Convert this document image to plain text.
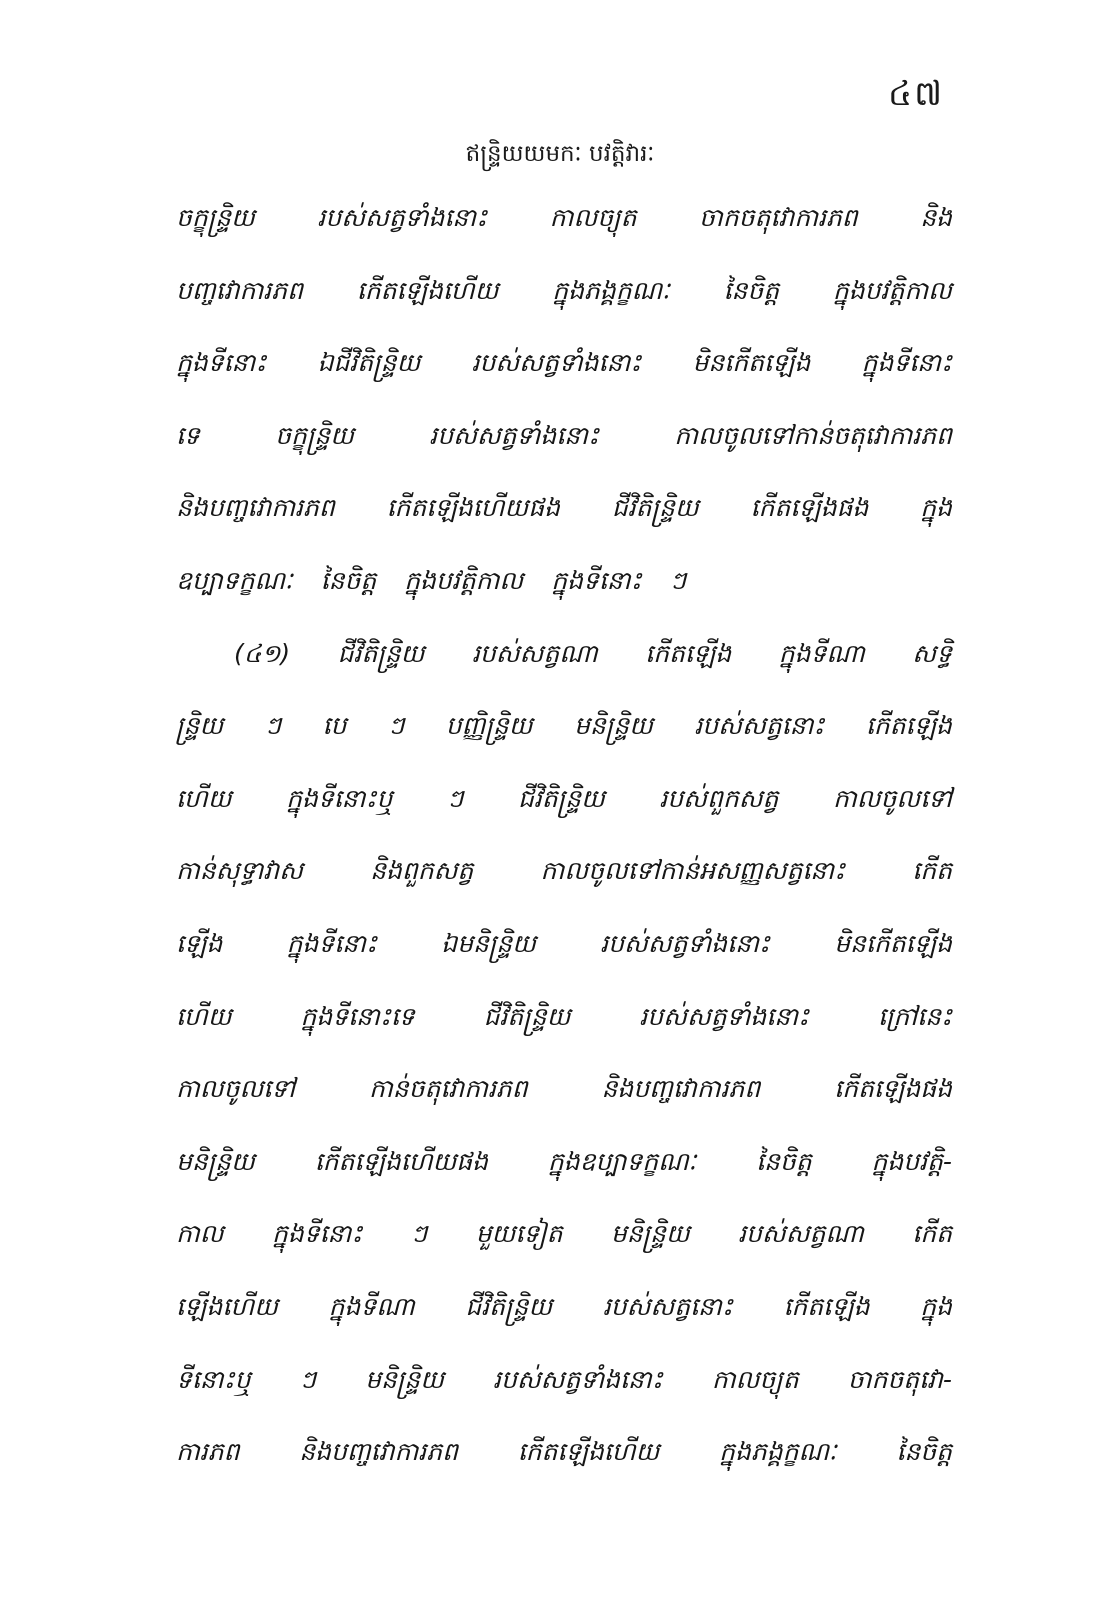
៤៧
ឥន្ទ្រិយយមកៈ បវត្តិវារៈ
ចក្ខុន្ទ្រិយ	របស់សត្វទាំងនោះ	កាលច្យុត	ចាកចតុវោការភព	និង
បញ្ចវោការភព កើតឡើងហើយ ក្នុងភង្គក្ខណៈ នៃចិត្ត ក្នុងបវត្តិកាល
ក្នុងទីនោះ ឯជីវិតិន្ទ្រិយ របស់សត្វទាំងនោះ មិនកើតឡើង ក្នុងទីនោះ
ទេ	ចក្ខុន្ទ្រិយ	របស់សត្វទាំងនោះ	កាលចូលទៅកាន់ចតុវោការភព
និងបញ្ចវោការភព កើតឡើងហើយផង ជីវិតិន្ទ្រិយ កើតឡើងផង ក្នុង
ឧប្បាទក្ខណៈ នៃចិត្ត ក្នុងបវត្តិកាល ក្នុងទីនោះ ៗ
(៤១) ជីវិតិន្ទ្រិយ របស់សត្វណា កើតឡើង ក្នុងទីណា សទ្ធិ
ន្ទ្រិយ ៗ បេ ៗ បញ្ញិន្ទ្រិយ មនិន្ទ្រិយ របស់សត្វនោះ កើតឡើង
ហើយ ក្នុងទីនោះឬ ៗ ជីវិតិន្ទ្រិយ របស់ពួកសត្វ កាលចូលទៅ
កាន់សុទ្ធាវាស	និងពួកសត្វ	កាលចូលទៅកាន់អសញ្ញសត្វនោះ	កើត
ឡើង	ក្នុងទីនោះ	ឯមនិន្ទ្រិយ	របស់សត្វទាំងនោះ	មិនកើតឡើង
ហើយ	ក្នុងទីនោះទេ	ជីវិតិន្ទ្រិយ	របស់សត្វទាំងនោះ	ក្រៅនេះ
កាលចូលទៅ	កាន់ចតុវោការភព	និងបញ្ចវោការភព	កើតឡើងផង
មនិន្ទ្រិយ កើតឡើងហើយផង ក្នុងឧប្បាទក្ខណៈ នៃចិត្ត ក្នុងបវត្តិ-
កាល ក្នុងទីនោះ ៗ មួយទៀត មនិន្ទ្រិយ របស់សត្វណា កើត
ឡើងហើយ ក្នុងទីណា ជីវិតិន្ទ្រិយ របស់សត្វនោះ កើតឡើង ក្នុង
ទីនោះឬ ៗ មនិន្ទ្រិយ របស់សត្វទាំងនោះ កាលច្យុត ចាកចតុវោ-
ការភព និងបញ្ចវោការភព កើតឡើងហើយ ក្នុងភង្គក្ខណៈ នៃចិត្ត
